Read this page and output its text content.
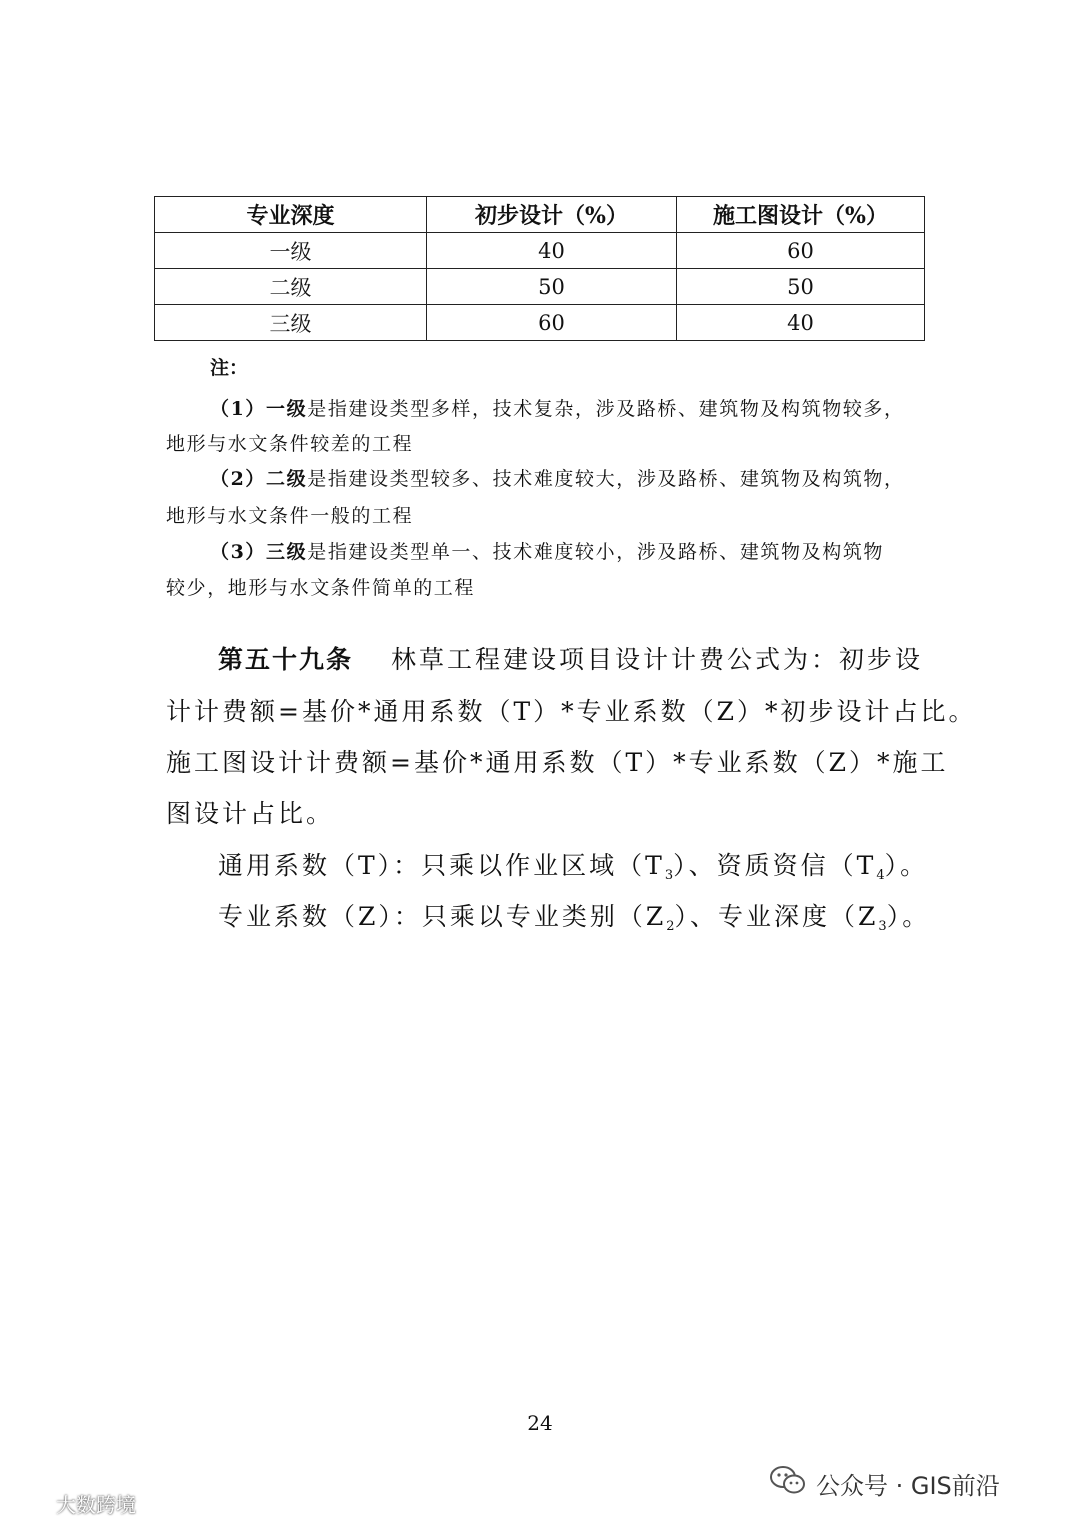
专业深度	初步设计（%）	施工图设计（%）
一级	40	60
二级	50	50
三级	60	40
注：
（1）一级是指建设类型多样，技术复杂，涉及路桥、建筑物及构筑物较多，
地形与水文条件较差的工程
（2）二级是指建设类型较多、技术难度较大，涉及路桥、建筑物及构筑物，
地形与水文条件一般的工程
（3）三级是指建设类型单一、技术难度较小，涉及路桥、建筑物及构筑物
较少，地形与水文条件简单的工程
第五十九条 林草工程建设项目设计计费公式为：初步设
计计费额=基价*通用系数（T）*专业系数（Z）*初步设计占比。
施工图设计计费额=基价*通用系数（T）*专业系数（Z）*施工
图设计占比。
通用系数（T）：只乘以作业区域$(T_3)$、资质资信$(T_4)$。
专业系数（Z）：只乘以专业类别$(Z_2)$、专业深度$(Z_3)$。
24
公众号 · GIS前沿
大数跨境
